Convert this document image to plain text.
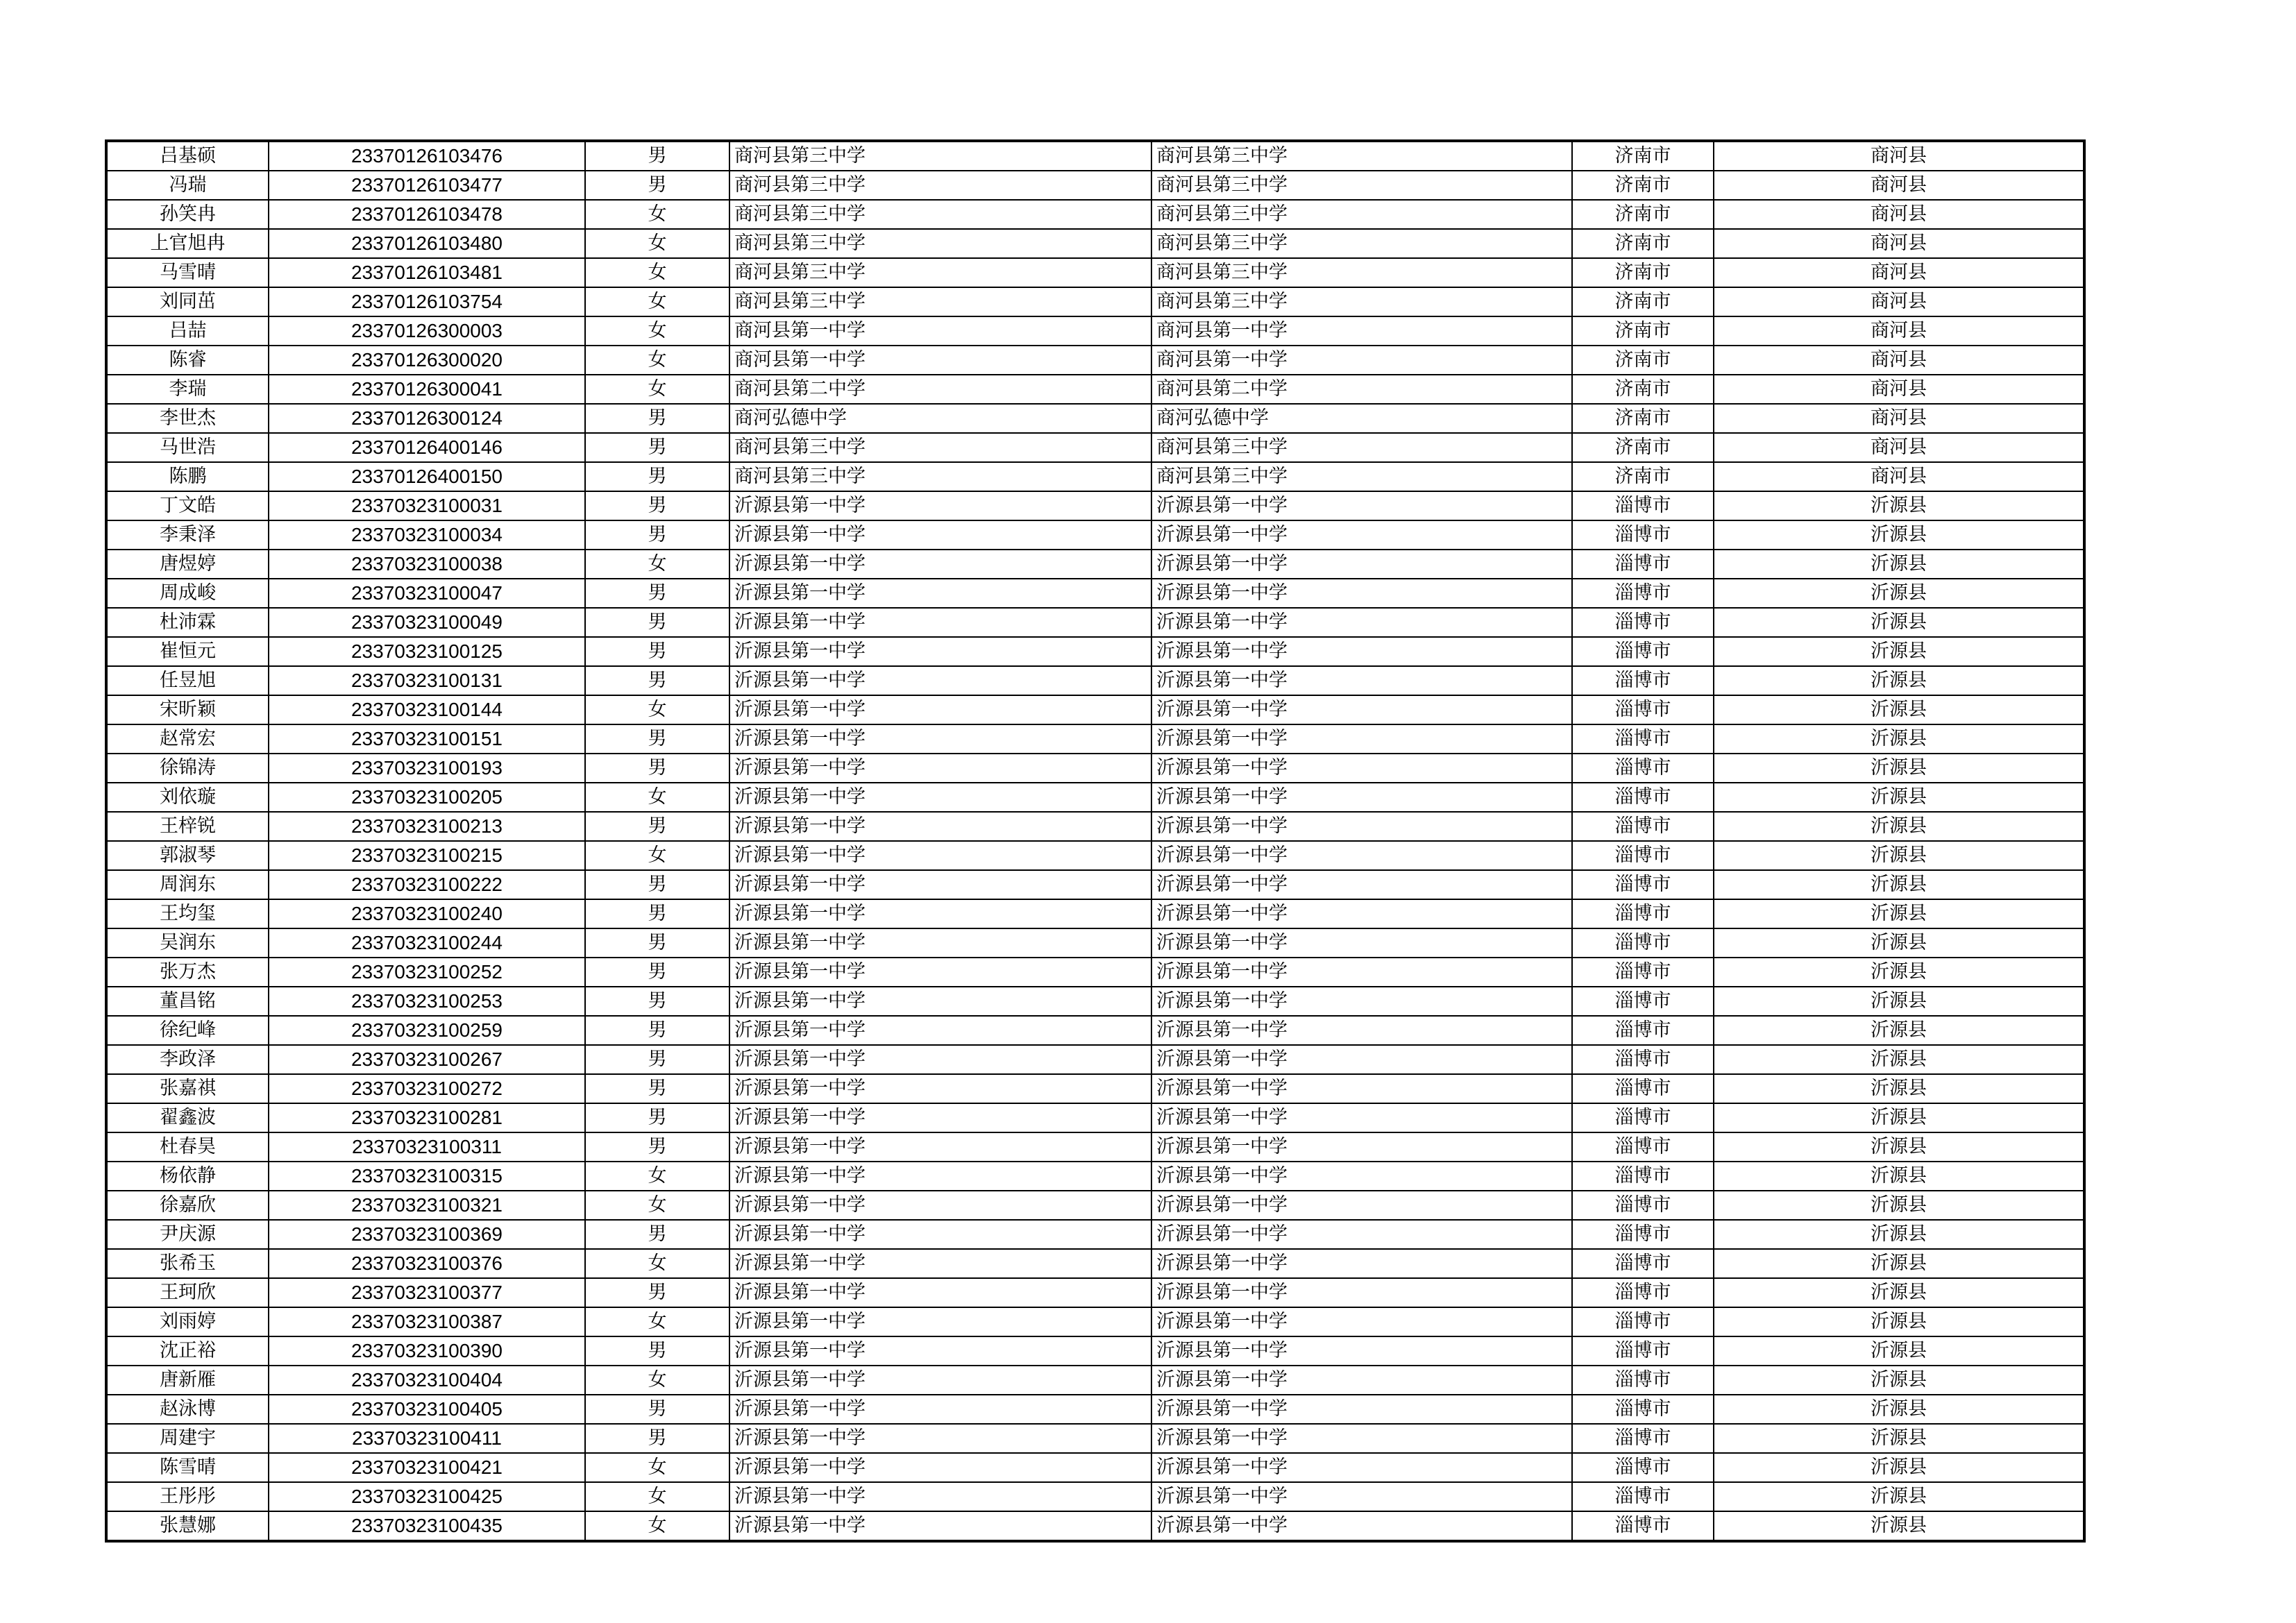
吕基硕	23370126103476	男	商河县第三中学	商河县第三中学	济南市	商河县
冯瑞	23370126103477	男	商河县第三中学	商河县第三中学	济南市	商河县
孙笑冉	23370126103478	女	商河县第三中学	商河县第三中学	济南市	商河县
上官旭冉	23370126103480	女	商河县第三中学	商河县第三中学	济南市	商河县
马雪晴	23370126103481	女	商河县第三中学	商河县第三中学	济南市	商河县
刘同茁	23370126103754	女	商河县第三中学	商河县第三中学	济南市	商河县
吕喆	23370126300003	女	商河县第一中学	商河县第一中学	济南市	商河县
陈睿	23370126300020	女	商河县第一中学	商河县第一中学	济南市	商河县
李瑞	23370126300041	女	商河县第二中学	商河县第二中学	济南市	商河县
李世杰	23370126300124	男	商河弘德中学	商河弘德中学	济南市	商河县
马世浩	23370126400146	男	商河县第三中学	商河县第三中学	济南市	商河县
陈鹏	23370126400150	男	商河县第三中学	商河县第三中学	济南市	商河县
丁文皓	23370323100031	男	沂源县第一中学	沂源县第一中学	淄博市	沂源县
李秉泽	23370323100034	男	沂源县第一中学	沂源县第一中学	淄博市	沂源县
唐煜婷	23370323100038	女	沂源县第一中学	沂源县第一中学	淄博市	沂源县
周成峻	23370323100047	男	沂源县第一中学	沂源县第一中学	淄博市	沂源县
杜沛霖	23370323100049	男	沂源县第一中学	沂源县第一中学	淄博市	沂源县
崔恒元	23370323100125	男	沂源县第一中学	沂源县第一中学	淄博市	沂源县
任昱旭	23370323100131	男	沂源县第一中学	沂源县第一中学	淄博市	沂源县
宋昕颖	23370323100144	女	沂源县第一中学	沂源县第一中学	淄博市	沂源县
赵常宏	23370323100151	男	沂源县第一中学	沂源县第一中学	淄博市	沂源县
徐锦涛	23370323100193	男	沂源县第一中学	沂源县第一中学	淄博市	沂源县
刘依璇	23370323100205	女	沂源县第一中学	沂源县第一中学	淄博市	沂源县
王梓锐	23370323100213	男	沂源县第一中学	沂源县第一中学	淄博市	沂源县
郭淑琴	23370323100215	女	沂源县第一中学	沂源县第一中学	淄博市	沂源县
周润东	23370323100222	男	沂源县第一中学	沂源县第一中学	淄博市	沂源县
王均玺	23370323100240	男	沂源县第一中学	沂源县第一中学	淄博市	沂源县
吴润东	23370323100244	男	沂源县第一中学	沂源县第一中学	淄博市	沂源县
张万杰	23370323100252	男	沂源县第一中学	沂源县第一中学	淄博市	沂源县
董昌铭	23370323100253	男	沂源县第一中学	沂源县第一中学	淄博市	沂源县
徐纪峰	23370323100259	男	沂源县第一中学	沂源县第一中学	淄博市	沂源县
李政泽	23370323100267	男	沂源县第一中学	沂源县第一中学	淄博市	沂源县
张嘉祺	23370323100272	男	沂源县第一中学	沂源县第一中学	淄博市	沂源县
翟鑫波	23370323100281	男	沂源县第一中学	沂源县第一中学	淄博市	沂源县
杜春昊	23370323100311	男	沂源县第一中学	沂源县第一中学	淄博市	沂源县
杨依静	23370323100315	女	沂源县第一中学	沂源县第一中学	淄博市	沂源县
徐嘉欣	23370323100321	女	沂源县第一中学	沂源县第一中学	淄博市	沂源县
尹庆源	23370323100369	男	沂源县第一中学	沂源县第一中学	淄博市	沂源县
张希玉	23370323100376	女	沂源县第一中学	沂源县第一中学	淄博市	沂源县
王珂欣	23370323100377	男	沂源县第一中学	沂源县第一中学	淄博市	沂源县
刘雨婷	23370323100387	女	沂源县第一中学	沂源县第一中学	淄博市	沂源县
沈正裕	23370323100390	男	沂源县第一中学	沂源县第一中学	淄博市	沂源县
唐新雁	23370323100404	女	沂源县第一中学	沂源县第一中学	淄博市	沂源县
赵泳博	23370323100405	男	沂源县第一中学	沂源县第一中学	淄博市	沂源县
周建宇	23370323100411	男	沂源县第一中学	沂源县第一中学	淄博市	沂源县
陈雪晴	23370323100421	女	沂源县第一中学	沂源县第一中学	淄博市	沂源县
王彤彤	23370323100425	女	沂源县第一中学	沂源县第一中学	淄博市	沂源县
张慧娜	23370323100435	女	沂源县第一中学	沂源县第一中学	淄博市	沂源县
